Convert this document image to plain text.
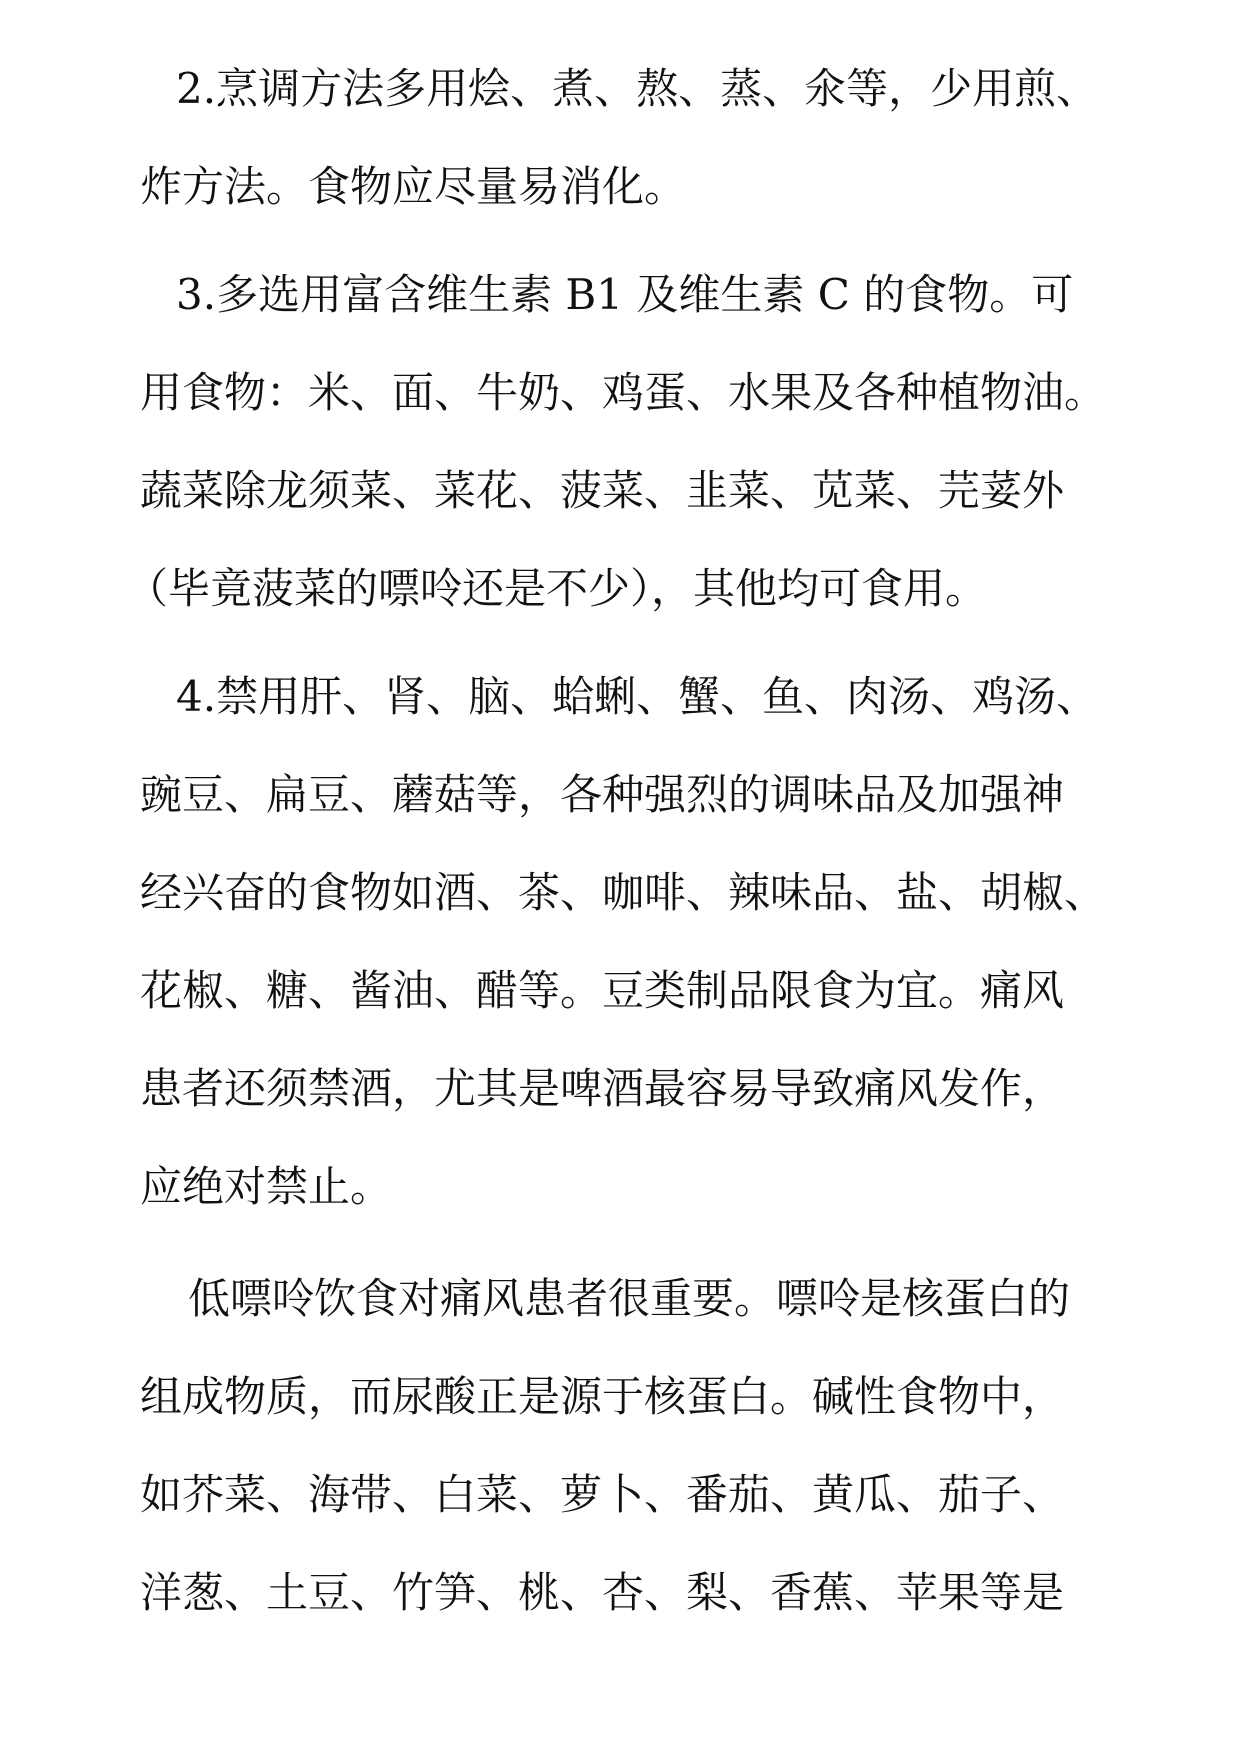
2.烹调方法多用烩、煮、熬、蒸、氽等，少用煎、
炸方法。食物应尽量易消化。
3.多选用富含维生素 B1 及维生素 C 的食物。可
用食物：米、面、牛奶、鸡蛋、水果及各种植物油。
蔬菜除龙须菜、菜花、菠菜、韭菜、苋菜、芫荽外
（毕竟菠菜的嘌呤还是不少），其他均可食用。
4.禁用肝、肾、脑、蛤蜊、蟹、鱼、肉汤、鸡汤、
豌豆、扁豆、蘑菇等，各种强烈的调味品及加强神
经兴奋的食物如酒、茶、咖啡、辣味品、盐、胡椒、
花椒、糖、酱油、醋等。豆类制品限食为宜。痛风
患者还须禁酒，尤其是啤酒最容易导致痛风发作，
应绝对禁止。
低嘌呤饮食对痛风患者很重要。嘌呤是核蛋白的
组成物质，而尿酸正是源于核蛋白。碱性食物中，
如芥菜、海带、白菜、萝卜、番茄、黄瓜、茄子、
洋葱、土豆、竹笋、桃、杏、梨、香蕉、苹果等是
